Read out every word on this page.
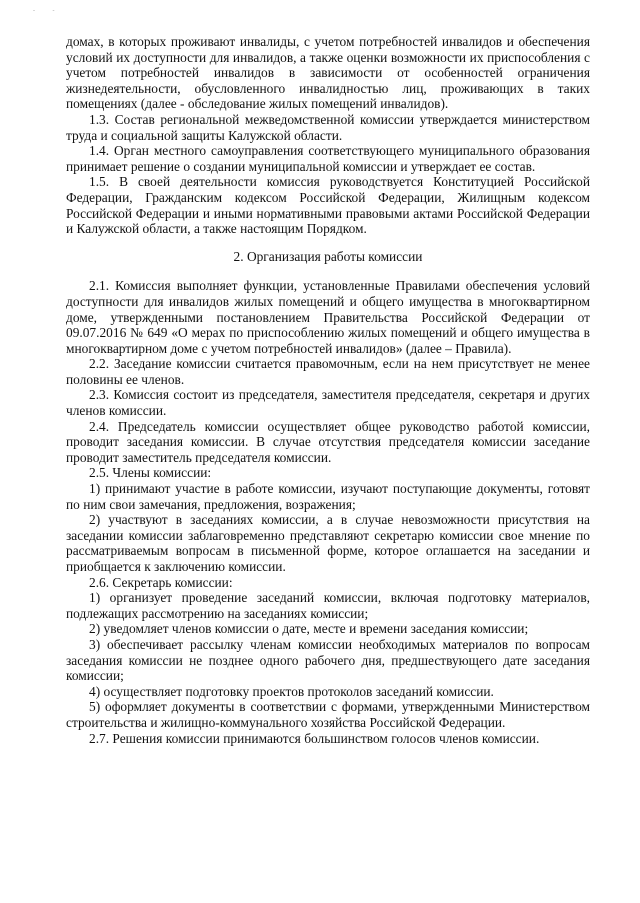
- -

домах, в которых проживают инвалиды, с учетом потребностей инвалидов и обеспечения условий их доступности для инвалидов, а также оценки возможности их приспособления с учетом потребностей инвалидов в зависимости от особенностей ограничения жизнедеятельности, обусловленного инвалидностью лиц, проживающих в таких помещениях (далее - обследование жилых помещений инвалидов).

1.3. Состав региональной межведомственной комиссии утверждается министерством труда и социальной защиты Калужской области.

1.4. Орган местного самоуправления соответствующего муниципального образования принимает решение о создании муниципальной комиссии и утверждает ее состав.

1.5. В своей деятельности комиссия руководствуется Конституцией Российской Федерации, Гражданским кодексом Российской Федерации, Жилищным кодексом Российской Федерации и иными нормативными правовыми актами Российской Федерации и Калужской области, а также настоящим Порядком.

2. Организация работы комиссии

2.1. Комиссия выполняет функции, установленные Правилами обеспечения условий доступности для инвалидов жилых помещений и общего имущества в многоквартирном доме, утвержденными постановлением Правительства Российской Федерации от 09.07.2016 № 649 «О мерах по приспособлению жилых помещений и общего имущества в многоквартирном доме с учетом потребностей инвалидов» (далее – Правила).

2.2. Заседание комиссии считается правомочным, если на нем присутствует не менее половины ее членов.

2.3. Комиссия состоит из председателя, заместителя председателя, секретаря и других членов комиссии.

2.4. Председатель комиссии осуществляет общее руководство работой комиссии, проводит заседания комиссии. В случае отсутствия председателя комиссии заседание проводит заместитель председателя комиссии.

2.5. Члены комиссии:

1) принимают участие в работе комиссии, изучают поступающие документы, готовят по ним свои замечания, предложения, возражения;

2) участвуют в заседаниях комиссии, а в случае невозможности присутствия на заседании комиссии заблаговременно представляют секретарю комиссии свое мнение по рассматриваемым вопросам в письменной форме, которое оглашается на заседании и приобщается к заключению комиссии.

2.6. Секретарь комиссии:

1) организует проведение заседаний комиссии, включая подготовку материалов, подлежащих рассмотрению на заседаниях комиссии;

2) уведомляет членов комиссии о дате, месте и времени заседания комиссии;

3) обеспечивает рассылку членам комиссии необходимых материалов по вопросам заседания комиссии не позднее одного рабочего дня, предшествующего дате заседания комиссии;

4) осуществляет подготовку проектов протоколов заседаний комиссии.

5) оформляет документы в соответствии с формами, утвержденными Министерством строительства и жилищно-коммунального хозяйства Российской Федерации.

2.7. Решения комиссии принимаются большинством голосов членов комиссии.
